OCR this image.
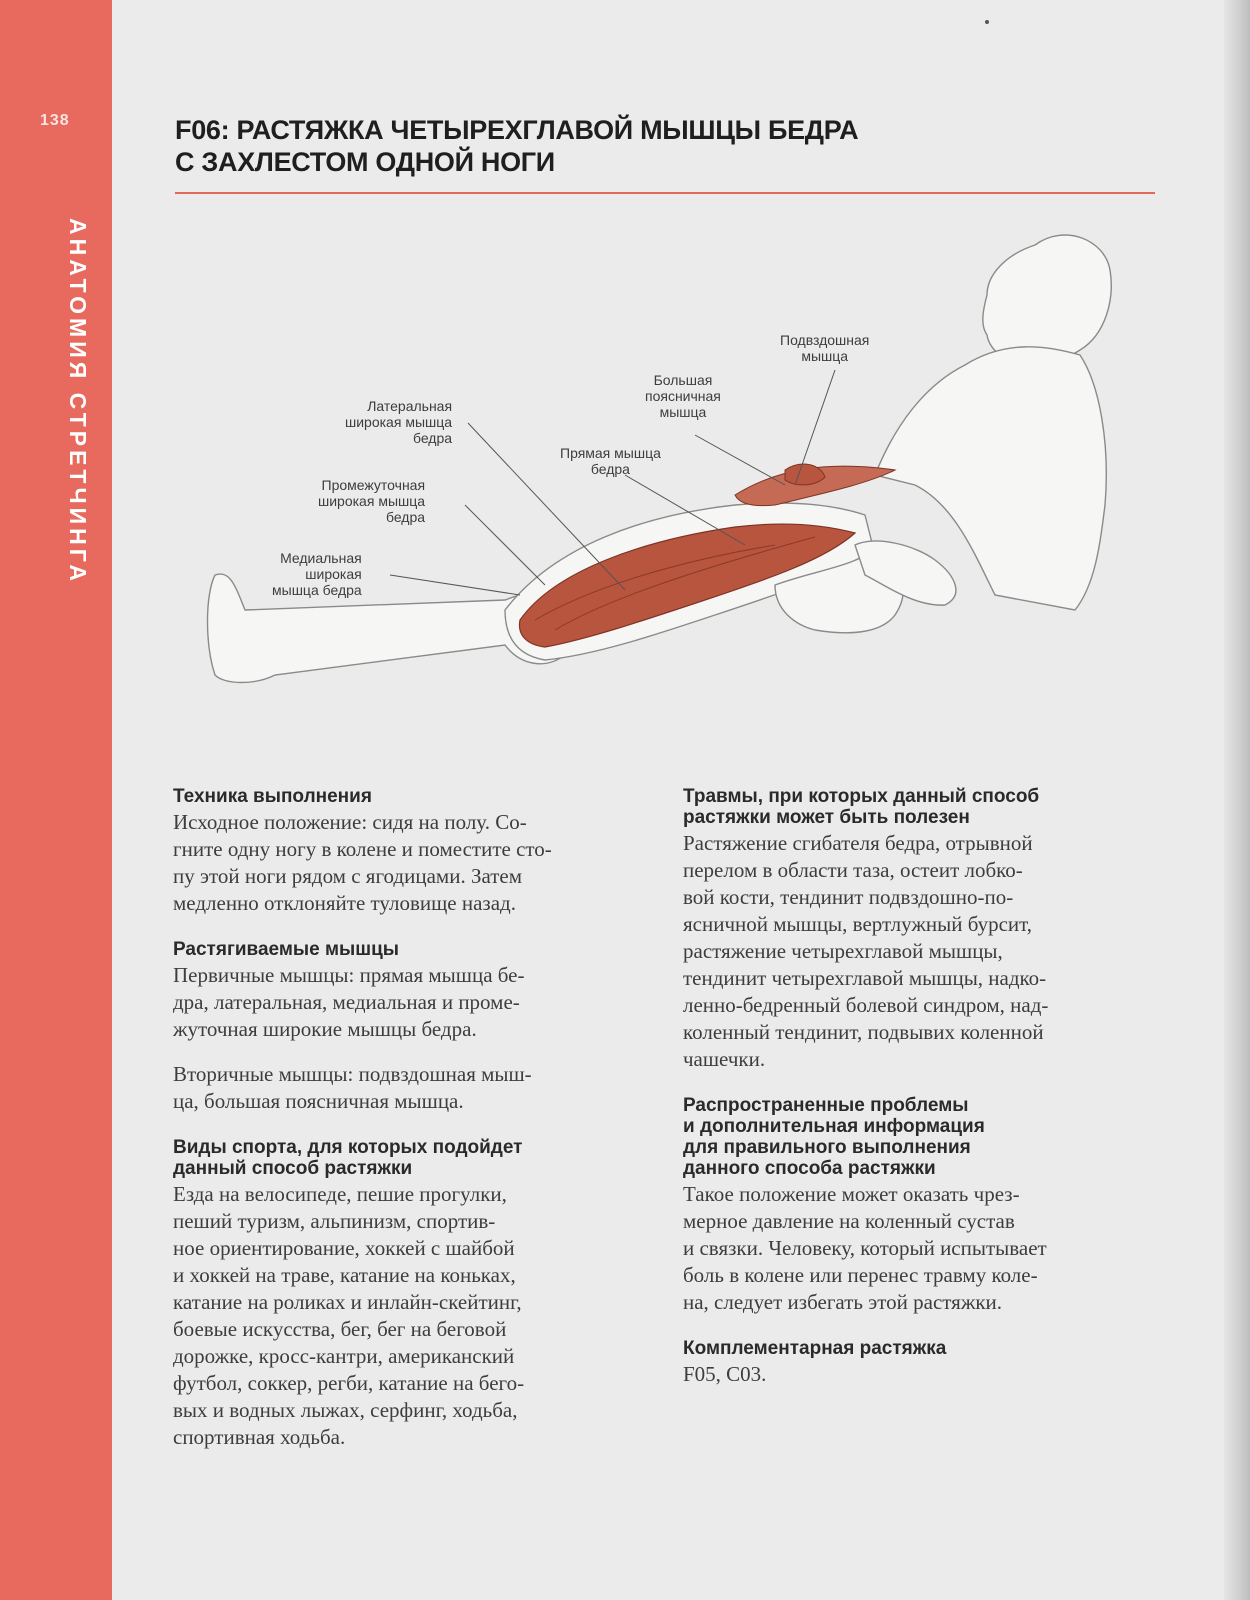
138
АНАТОМИЯ СТРЕТЧИНГА
F06: РАСТЯЖКА ЧЕТЫРЕХГЛАВОЙ МЫШЦЫ БЕДРА
С ЗАХЛЕСТОМ ОДНОЙ НОГИ
Подвздошная
мышца
Большая
поясничная
мышца
Прямая мышца
бедра
Латеральная
широкая мышца
бедра
Промежуточная
широкая мышца
бедра
Медиальная
широкая
мышца бедра
Техника выполнения
Исходное положение: сидя на полу. Со-
гните одну ногу в колене и поместите сто-
пу этой ноги рядом с ягодицами. Затем
медленно отклоняйте туловище назад.
Растягиваемые мышцы
Первичные мышцы: прямая мышца бе-
дра, латеральная, медиальная и проме-
жуточная широкие мышцы бедра.
Вторичные мышцы: подвздошная мыш-
ца, большая поясничная мышца.
Виды спорта, для которых подойдет
данный способ растяжки
Езда на велосипеде, пешие прогулки,
пеший туризм, альпинизм, спортив-
ное ориентирование, хоккей с шайбой
и хоккей на траве, катание на коньках,
катание на роликах и инлайн-скейтинг,
боевые искусства, бег, бег на беговой
дорожке, кросс-кантри, американский
футбол, соккер, регби, катание на бего-
вых и водных лыжах, серфинг, ходьба,
спортивная ходьба.
Травмы, при которых данный способ
растяжки может быть полезен
Растяжение сгибателя бедра, отрывной
перелом в области таза, остеит лобко-
вой кости, тендинит подвздошно-по-
ясничной мышцы, вертлужный бурсит,
растяжение четырехглавой мышцы,
тендинит четырехглавой мышцы, надко-
ленно-бедренный болевой синдром, над-
коленный тендинит, подвывих коленной
чашечки.
Распространенные проблемы
и дополнительная информация
для правильного выполнения
данного способа растяжки
Такое положение может оказать чрез-
мерное давление на коленный сустав
и связки. Человеку, который испытывает
боль в колене или перенес травму коле-
на, следует избегать этой растяжки.
Комплементарная растяжка
F05, C03.
